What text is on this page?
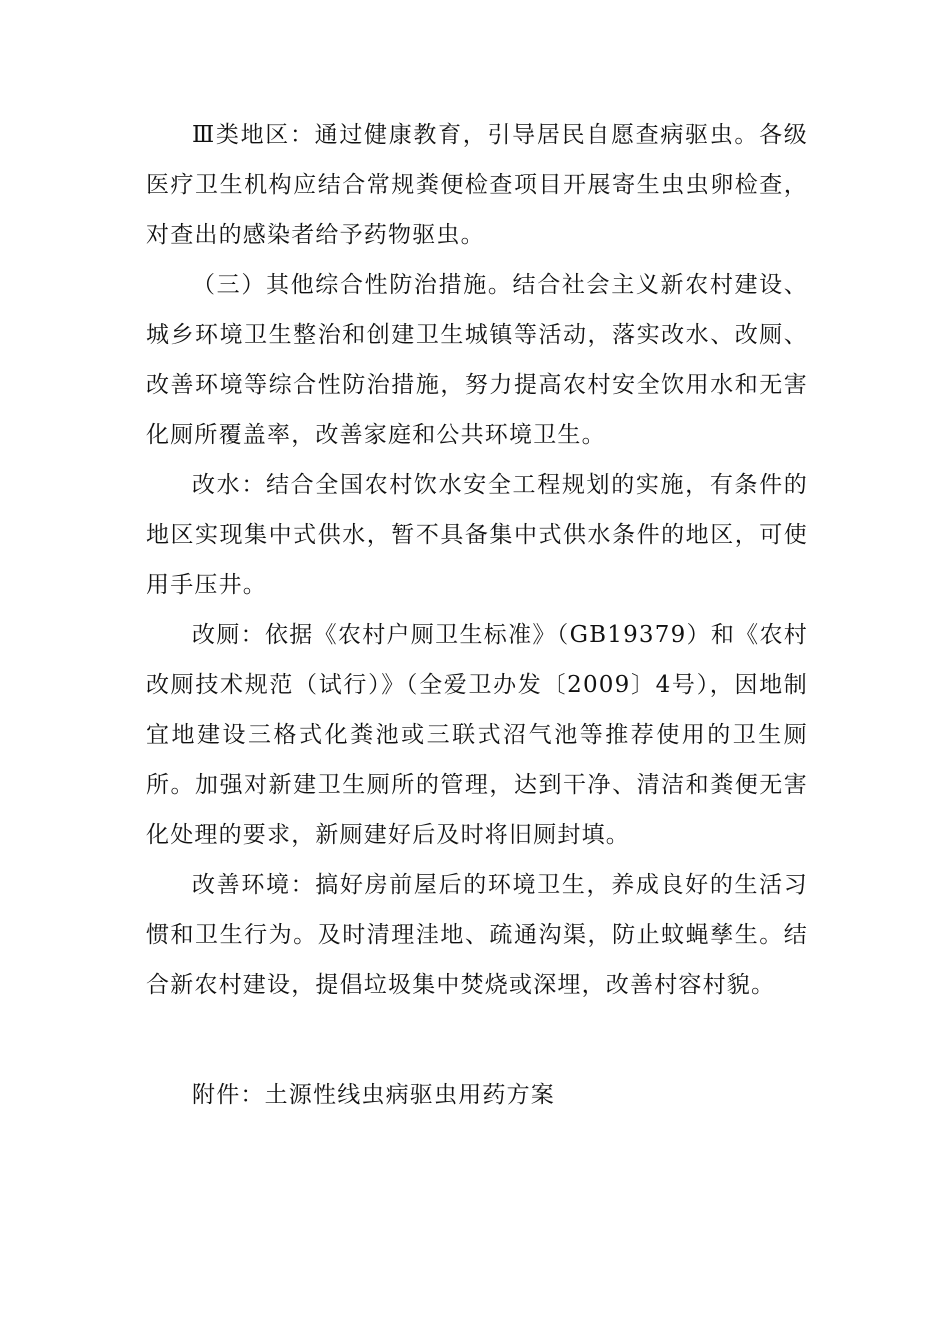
Ⅲ类地区：通过健康教育，引导居民自愿查病驱虫。各级医疗卫生机构应结合常规粪便检查项目开展寄生虫虫卵检查，对查出的感染者给予药物驱虫。

（三）其他综合性防治措施。结合社会主义新农村建设、城乡环境卫生整治和创建卫生城镇等活动，落实改水、改厕、改善环境等综合性防治措施，努力提高农村安全饮用水和无害化厕所覆盖率，改善家庭和公共环境卫生。

改水：结合全国农村饮水安全工程规划的实施，有条件的地区实现集中式供水，暂不具备集中式供水条件的地区，可使用手压井。

改厕：依据《农村户厕卫生标准》（GB19379）和《农村改厕技术规范（试行）》（全爱卫办发〔2009〕4号），因地制宜地建设三格式化粪池或三联式沼气池等推荐使用的卫生厕所。加强对新建卫生厕所的管理，达到干净、清洁和粪便无害化处理的要求，新厕建好后及时将旧厕封填。

改善环境：搞好房前屋后的环境卫生，养成良好的生活习惯和卫生行为。及时清理洼地、疏通沟渠，防止蚊蝇孳生。结合新农村建设，提倡垃圾集中焚烧或深埋，改善村容村貌。

附件：土源性线虫病驱虫用药方案
